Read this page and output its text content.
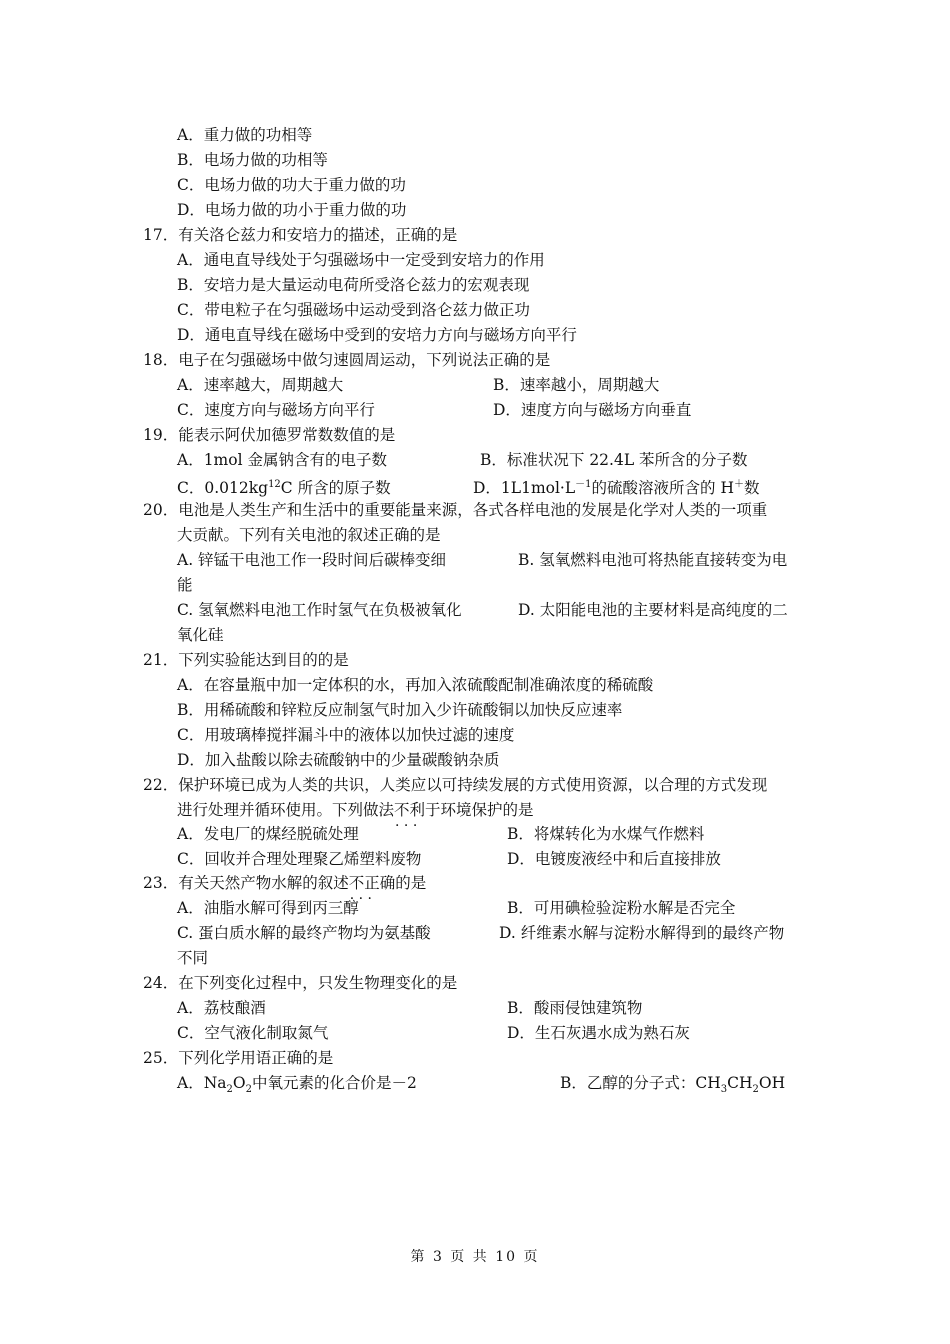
A．重力做的功相等
B．电场力做的功相等
C．电场力做的功大于重力做的功
D．电场力做的功小于重力做的功
17．有关洛仑兹力和安培力的描述，正确的是
A．通电直导线处于匀强磁场中一定受到安培力的作用
B．安培力是大量运动电荷所受洛仑兹力的宏观表现
C．带电粒子在匀强磁场中运动受到洛仑兹力做正功
D．通电直导线在磁场中受到的安培力方向与磁场方向平行
18．电子在匀强磁场中做匀速圆周运动，下列说法正确的是
A．速率越大，周期越大	B．速率越小，周期越大
C．速度方向与磁场方向平行	D．速度方向与磁场方向垂直
19．能表示阿伏加德罗常数数值的是
A．1mol 金属钠含有的电子数	B．标准状况下 22.4L 苯所含的分子数
C．$0.012kg^{12}C$ 所含的原子数	D．$1L1mol\cdot L^{-1}$的硫酸溶液所含的 H＋数
20．电池是人类生产和生活中的重要能量来源，各式各样电池的发展是化学对人类的一项重
大贡献。下列有关电池的叙述正确的是
A. 锌锰干电池工作一段时间后碳棒变细	B. 氢氧燃料电池可将热能直接转变为电
能
C. 氢氧燃料电池工作时氢气在负极被氧化	D. 太阳能电池的主要材料是高纯度的二
氧化硅
21．下列实验能达到目的的是
A．在容量瓶中加一定体积的水，再加入浓硫酸配制准确浓度的稀硫酸
B．用稀硫酸和锌粒反应制氢气时加入少许硫酸铜以加快反应速率
C．用玻璃棒搅拌漏斗中的液体以加快过滤的速度
D．加入盐酸以除去硫酸钠中的少量碳酸钠杂质
22．保护环境已成为人类的共识，人类应以可持续发展的方式使用资源，以合理的方式发现
进行处理并循环使用。下列做法不利于 · · ·环境保护的是
A．发电厂的煤经脱硫处理	B．将煤转化为水煤气作燃料
C．回收并合理处理聚乙烯塑料废物	D．电镀废液经中和后直接排放
23．有关天然产物水解的叙述不正确 · · ·的是
A．油脂水解可得到丙三醇	B．可用碘检验淀粉水解是否完全
C. 蛋白质水解的最终产物均为氨基酸	D. 纤维素水解与淀粉水解得到的最终产物
不同
24．在下列变化过程中，只发生物理变化的是
A．荔枝酿酒	B．酸雨侵蚀建筑物
C．空气液化制取氮气	D．生石灰遇水成为熟石灰
25．下列化学用语正确的是
A．$Na_2O_2$中氧元素的化合价是－2	B．乙醇的分子式：$CH_3CH_2OH$
第 3 页 共 10 页
